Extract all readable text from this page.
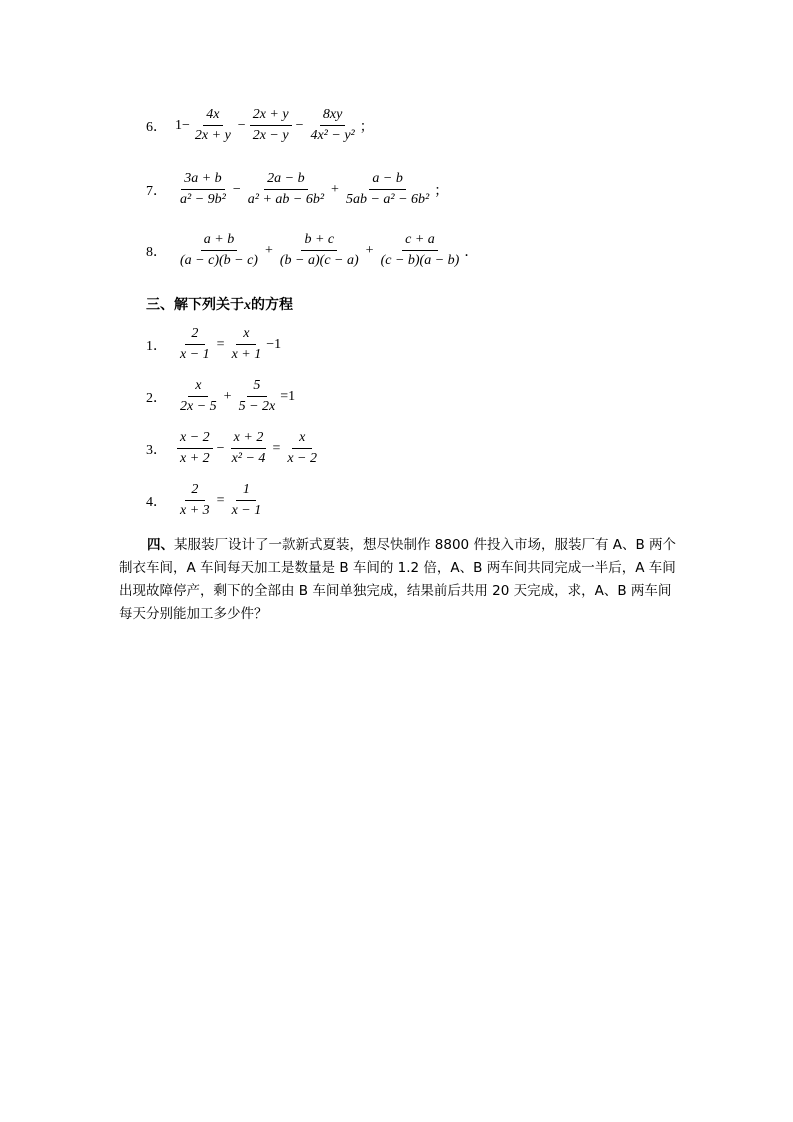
6． $1- \frac{4x}{2x + y} - \frac{2x + y}{2x - y} - \frac{8xy}{\text{4x² − y²}}$ ；
7． $\frac{3a + b}{\text{a² − 9b²}} - \frac{2a - b}{\text{a² + ab − 6b²}} + \frac{a - b}{\text{5ab − a² − 6b²}}$ ；
8． $\frac{a + b}{(a - c)(b - c)} + \frac{b + c}{(b - a)(c - a)} + \frac{c + a}{(c - b)(a - b)}$ ．
三、解下列关于x的方程
1． $\frac{2}{x - 1} = \frac{x}{x + 1} -1$
2． $\frac{x}{2x - 5} + \frac{5}{5 - 2x} =1$
3． $\frac{x - 2}{x + 2} - \frac{x + 2}{\text{x² − 4}} = \frac{x}{x - 2}$
4． $\frac{2}{x + 3} = \frac{1}{x - 1}$
四、某服装厂设计了一款新式夏装，想尽快制作 8800 件投入市场，服装厂有 A、B 两个制衣车间，A 车间每天加工是数量是 B 车间的 1.2 倍，A、B 两车间共同完成一半后，A 车间出现故障停产，剩下的全部由 B 车间单独完成，结果前后共用 20 天完成，求，A、B 两车间每天分别能加工多少件？
